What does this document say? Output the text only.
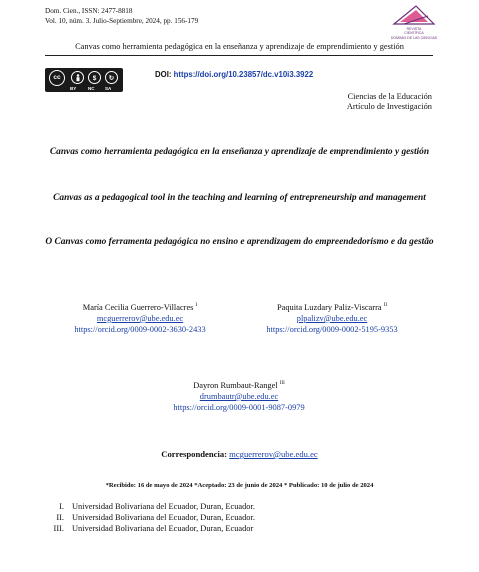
Dom. Cien., ISSN: 2477-8818
Vol. 10, núm. 3. Julio-Septiembre, 2024, pp. 156-179
REVISTA
CIENTÍFICA
DOMINIO DE LAS CIENCIAS
Canvas como herramienta pedagógica en la enseñanza y aprendizaje de emprendimiento y gestión
cc	$	↻
BY	NC SA
DOI: https://doi.org/10.23857/dc.v10i3.3922
Ciencias de la Educación
Artículo de Investigación
Canvas como herramienta pedagógica en la enseñanza y aprendizaje de emprendimiento y gestión
Canvas as a pedagogical tool in the teaching and learning of entrepreneurship and management
O Canvas como ferramenta pedagógica no ensino e aprendizagem do empreendedorismo e da gestão
María Cecilia Guerrero-Villacres $^I$
mcguerrerov@ube.edu.ec
https://orcid.org/0009-0002-3630-2433
Paquita Luzdary Paliz-Viscarra $^{II}$
plpalizv@ube.edu.ec
https://orcid.org/0009-0002-5195-9353
Dayron Rumbaut-Rangel $^{III}$
drumbautr@ube.edu.ec
https://orcid.org/0009-0001-9087-0979
Correspondencia: mcguerrerov@ube.edu.ec
*Recibido: 16 de mayo de 2024 *Aceptado: 23 de junio de 2024 * Publicado: 10 de julio de 2024
I. Universidad Bolivariana del Ecuador, Duran, Ecuador.
II. Universidad Bolivariana del Ecuador, Duran, Ecuador.
III. Universidad Bolivariana del Ecuador, Duran, Ecuador
